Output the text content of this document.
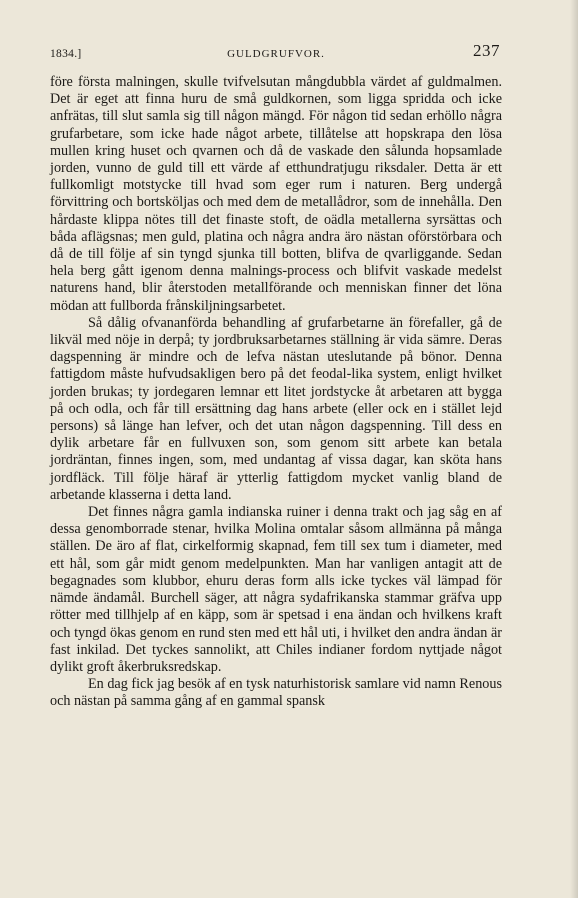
1834.]	GULDGRUFVOR.	237

före första malningen, skulle tvifvelsutan mångdubbla värdet af guldmalmen. Det är eget att finna huru de små guldkornen, som ligga spridda och icke anfrätas, till slut samla sig till någon mängd. För någon tid sedan erhöllo några grufarbetare, som icke hade något arbete, tillåtelse att hopskrapa den lösa mullen kring huset och qvarnen och då de vaskade den sålunda hopsamlade jorden, vunno de guld till ett värde af etthundratjugu riksdaler. Detta är ett fullkomligt motstycke till hvad som eger rum i naturen. Berg undergå förvittring och bortsköljas och med dem de metallådror, som de innehålla. Den hårdaste klippa nötes till det finaste stoft, de oädla metallerna syrsättas och båda aflägsnas; men guld, platina och några andra äro nästan oförstörbara och då de till följe af sin tyngd sjunka till botten, blifva de qvarliggande. Sedan hela berg gått igenom denna malnings-process och blifvit vaskade medelst naturens hand, blir återstoden metallförande och menniskan finner det löna mödan att fullborda frånskiljningsarbetet.

Så dålig ofvananförda behandling af grufarbetarne än förefaller, gå de likväl med nöje in derpå; ty jordbruksarbetarnes ställning är vida sämre. Deras dagspenning är mindre och de lefva nästan uteslutande på bönor. Denna fattigdom måste hufvudsakligen bero på det feodal-lika system, enligt hvilket jorden brukas; ty jordegaren lemnar ett litet jordstycke åt arbetaren att bygga på och odla, och får till ersättning dag hans arbete (eller ock en i stället lejd persons) så länge han lefver, och det utan någon dagspenning. Till dess en dylik arbetare får en fullvuxen son, som genom sitt arbete kan betala jordräntan, finnes ingen, som, med undantag af vissa dagar, kan sköta hans jordfläck. Till följe häraf är ytterlig fattigdom mycket vanlig bland de arbetande klasserna i detta land.

Det finnes några gamla indianska ruiner i denna trakt och jag såg en af dessa genomborrade stenar, hvilka Molina omtalar såsom allmänna på många ställen. De äro af flat, cirkelformig skapnad, fem till sex tum i diameter, med ett hål, som går midt genom medelpunkten. Man har vanligen antagit att de begagnades som klubbor, ehuru deras form alls icke tyckes väl lämpad för nämde ändamål. Burchell säger, att några sydafrikanska stammar gräfva upp rötter med tillhjelp af en käpp, som är spetsad i ena ändan och hvilkens kraft och tyngd ökas genom en rund sten med ett hål uti, i hvilket den andra ändan är fast inkilad. Det tyckes sannolikt, att Chiles indianer fordom nyttjade något dylikt groft åkerbruksredskap.

En dag fick jag besök af en tysk naturhistorisk samlare vid namn Renous och nästan på samma gång af en gammal spansk
